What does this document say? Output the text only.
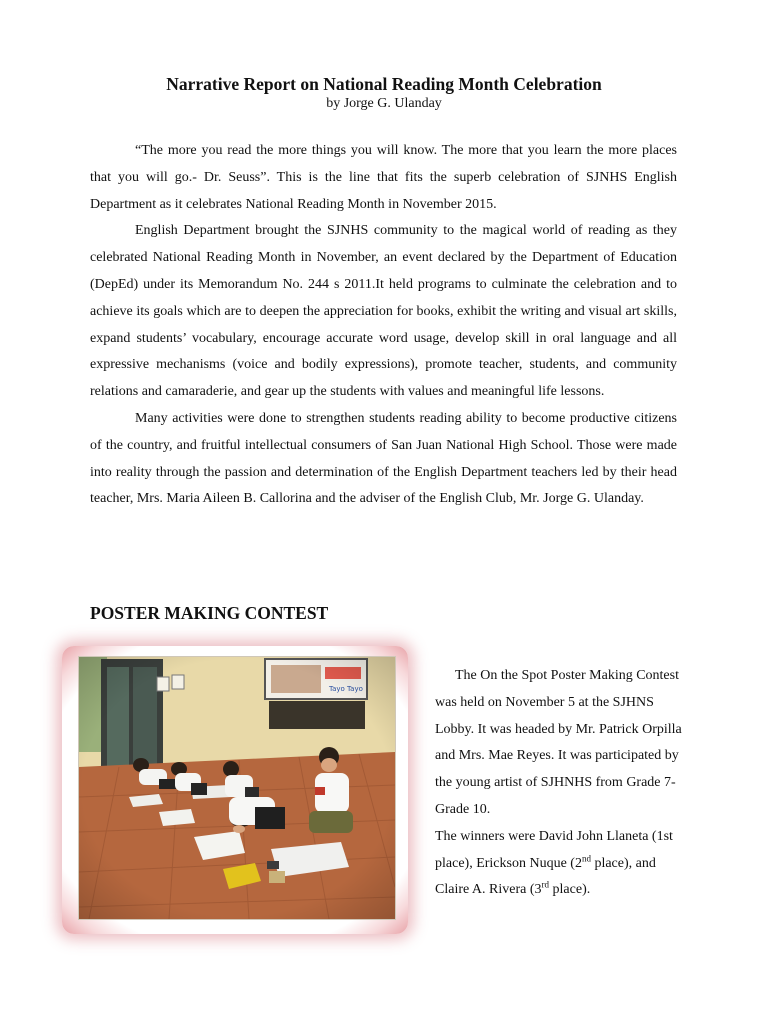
Narrative Report on National Reading Month Celebration
by Jorge G. Ulanday

“The more you read the more things you will know. The more that you learn the more places that you will go.- Dr. Seuss”. This is the line that fits the superb celebration of SJNHS English Department as it celebrates National Reading Month in November 2015.

English Department brought the SJNHS community to the magical world of reading as they celebrated National Reading Month in November, an event declared by the Department of Education (DepEd) under its Memorandum No. 244 s 2011.It held programs to culminate the celebration and to achieve its goals which are to deepen the appreciation for books, exhibit the writing and visual art skills, expand students’ vocabulary, encourage accurate word usage, develop skill in oral language and all expressive mechanisms (voice and bodily expressions), promote teacher, students, and community relations and camaraderie, and gear up the students with values and meaningful life lessons.

Many activities were done to strengthen students reading ability to become productive citizens of the country, and fruitful intellectual consumers of San Juan National High School. Those were made into reality through the passion and determination of the English Department teachers led by their head teacher, Mrs. Maria Aileen B. Callorina and the adviser of the English Club, Mr. Jorge G. Ulanday.

POSTER MAKING CONTEST

The On the Spot Poster Making Contest was held on November 5 at the SJHNS Lobby. It was headed by Mr. Patrick Orpilla and Mrs. Mae Reyes. It was participated by the young artist of SJHNHS from Grade 7-Grade 10.

The winners were David John Llaneta (1st place), Erickson Nuque (2nd place), and Claire A. Rivera (3rd place).
